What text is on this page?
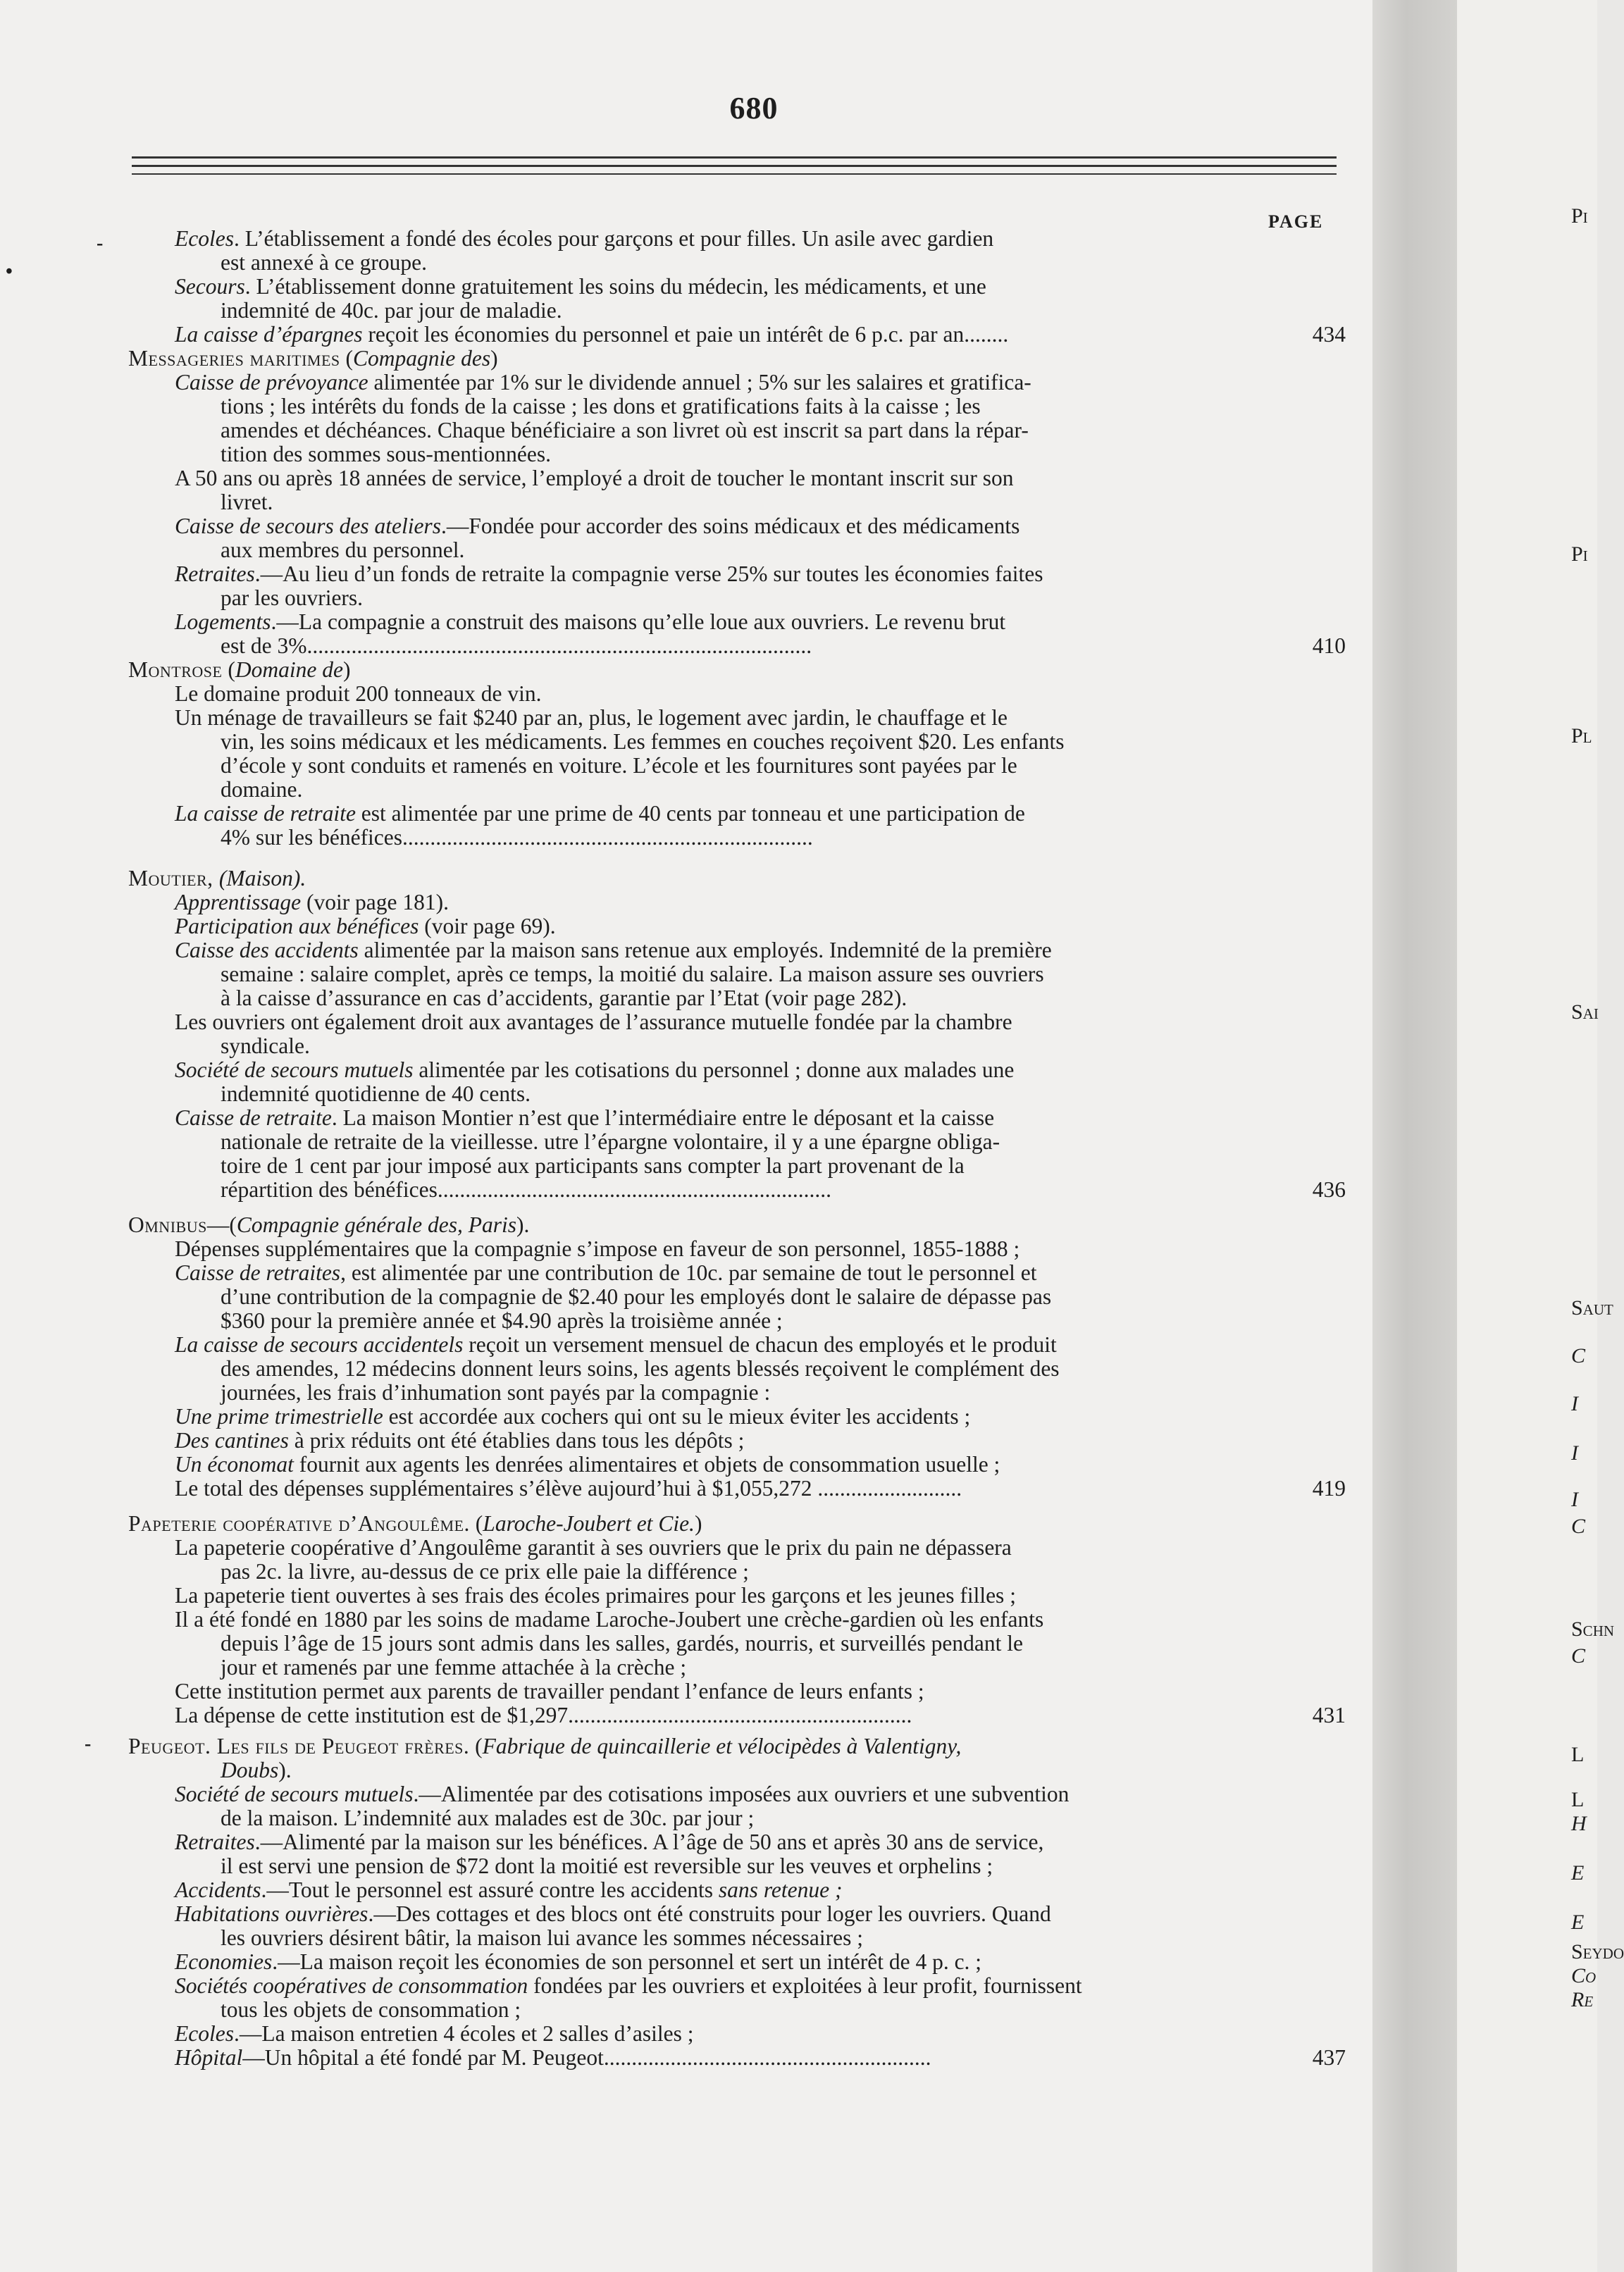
680
PAGE
-
•
-
Ecoles. L’établissement a fondé des écoles pour garçons et pour filles. Un asile avec gardien
est annexé à ce groupe.
Secours. L’établissement donne gratuitement les soins du médecin, les médicaments, et une
indemnité de 40c. par jour de maladie.
La caisse d’épargnes reçoit les économies du personnel et paie un intérêt de 6 p.c. par an........	434
Messageries maritimes (Compagnie des)
Caisse de prévoyance alimentée par 1% sur le dividende annuel ; 5% sur les salaires et gratifica-
tions ; les intérêts du fonds de la caisse ; les dons et gratifications faits à la caisse ; les
amendes et déchéances. Chaque bénéficiaire a son livret où est inscrit sa part dans la répar-
tition des sommes sous-mentionnées.
A 50 ans ou après 18 années de service, l’employé a droit de toucher le montant inscrit sur son
livret.
Caisse de secours des ateliers.—Fondée pour accorder des soins médicaux et des médicaments
aux membres du personnel.
Retraites.—Au lieu d’un fonds de retraite la compagnie verse 25% sur toutes les économies faites
par les ouvriers.
Logements.—La compagnie a construit des maisons qu’elle loue aux ouvriers. Le revenu brut
est de 3%...........................................................................................	410
Montrose (Domaine de)
Le domaine produit 200 tonneaux de vin.
Un ménage de travailleurs se fait $240 par an, plus, le logement avec jardin, le chauffage et le
vin, les soins médicaux et les médicaments. Les femmes en couches reçoivent $20. Les enfants
d’école y sont conduits et ramenés en voiture. L’école et les fournitures sont payées par le
domaine.
La caisse de retraite est alimentée par une prime de 40 cents par tonneau et une participation de
4% sur les bénéfices..........................................................................
Moutier, (Maison).
Apprentissage (voir page 181).
Participation aux bénéfices (voir page 69).
Caisse des accidents alimentée par la maison sans retenue aux employés. Indemnité de la première
semaine : salaire complet, après ce temps, la moitié du salaire. La maison assure ses ouvriers
à la caisse d’assurance en cas d’accidents, garantie par l’Etat (voir page 282).
Les ouvriers ont également droit aux avantages de l’assurance mutuelle fondée par la chambre
syndicale.
Société de secours mutuels alimentée par les cotisations du personnel ; donne aux malades une
indemnité quotidienne de 40 cents.
Caisse de retraite. La maison Montier n’est que l’intermédiaire entre le déposant et la caisse
nationale de retraite de la vieillesse. utre l’épargne volontaire, il y a une épargne obliga-
toire de 1 cent par jour imposé aux participants sans compter la part provenant de la
répartition des bénéfices.......................................................................	436
Omnibus—(Compagnie générale des, Paris).
Dépenses supplémentaires que la compagnie s’impose en faveur de son personnel, 1855-1888 ;
Caisse de retraites, est alimentée par une contribution de 10c. par semaine de tout le personnel et
d’une contribution de la compagnie de $2.40 pour les employés dont le salaire de dépasse pas
$360 pour la première année et $4.90 après la troisième année ;
La caisse de secours accidentels reçoit un versement mensuel de chacun des employés et le produit
des amendes, 12 médecins donnent leurs soins, les agents blessés reçoivent le complément des
journées, les frais d’inhumation sont payés par la compagnie :
Une prime trimestrielle est accordée aux cochers qui ont su le mieux éviter les accidents ;
Des cantines à prix réduits ont été établies dans tous les dépôts ;
Un économat fournit aux agents les denrées alimentaires et objets de consommation usuelle ;
Le total des dépenses supplémentaires s’élève aujourd’hui à $1,055,272 ..........................	419
Papeterie coopérative d’Angoulême. (Laroche-Joubert et Cie.)
La papeterie coopérative d’Angoulême garantit à ses ouvriers que le prix du pain ne dépassera
pas 2c. la livre, au-dessus de ce prix elle paie la différence ;
La papeterie tient ouvertes à ses frais des écoles primaires pour les garçons et les jeunes filles ;
Il a été fondé en 1880 par les soins de madame Laroche-Joubert une crèche-gardien où les enfants
depuis l’âge de 15 jours sont admis dans les salles, gardés, nourris, et surveillés pendant le
jour et ramenés par une femme attachée à la crèche ;
Cette institution permet aux parents de travailler pendant l’enfance de leurs enfants ;
La dépense de cette institution est de $1,297..............................................................	431
Peugeot. Les fils de Peugeot frères. (Fabrique de quincaillerie et vélocipèdes à Valentigny,
Doubs).
Société de secours mutuels.—Alimentée par des cotisations imposées aux ouvriers et une subvention
de la maison. L’indemnité aux malades est de 30c. par jour ;
Retraites.—Alimenté par la maison sur les bénéfices. A l’âge de 50 ans et après 30 ans de service,
il est servi une pension de $72 dont la moitié est reversible sur les veuves et orphelins ;
Accidents.—Tout le personnel est assuré contre les accidents sans retenue ;
Habitations ouvrières.—Des cottages et des blocs ont été construits pour loger les ouvriers. Quand
les ouvriers désirent bâtir, la maison lui avance les sommes nécessaires ;
Economies.—La maison reçoit les économies de son personnel et sert un intérêt de 4 p. c. ;
Sociétés coopératives de consommation fondées par les ouvriers et exploitées à leur profit, fournissent
tous les objets de consommation ;
Ecoles.—La maison entretien 4 écoles et 2 salles d’asiles ;
Hôpital—Un hôpital a été fondé par M. Peugeot...........................................................	437
Pi
Pi
Pl
Sai
Saut
C
I
I
I
C
Schn
C
L
L
H
E
E
Seydo
Co
Re
